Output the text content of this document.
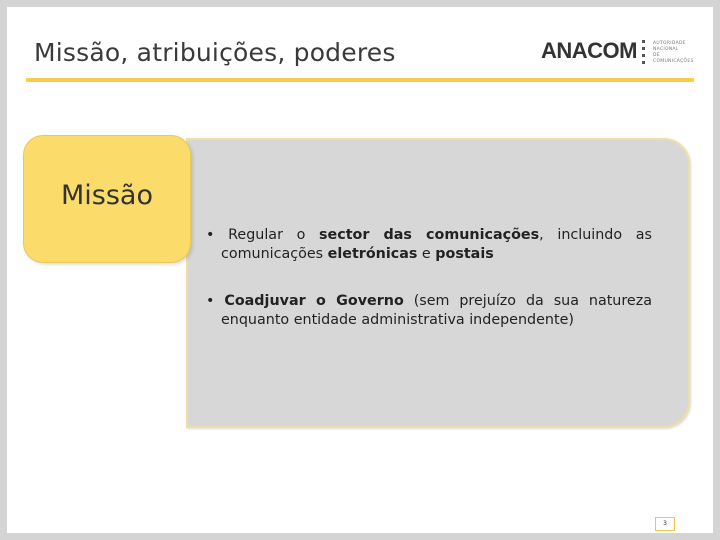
Missão, atribuições, poderes	ANACOM	AUTORIDADE
NACIONAL
DE COMUNICAÇÕES
Missão
• Regular o sector das comunicações, incluindo as comunicações eletrónicas e postais
• Coadjuvar o Governo (sem prejuízo da sua natureza enquanto entidade administrativa independente)
3
